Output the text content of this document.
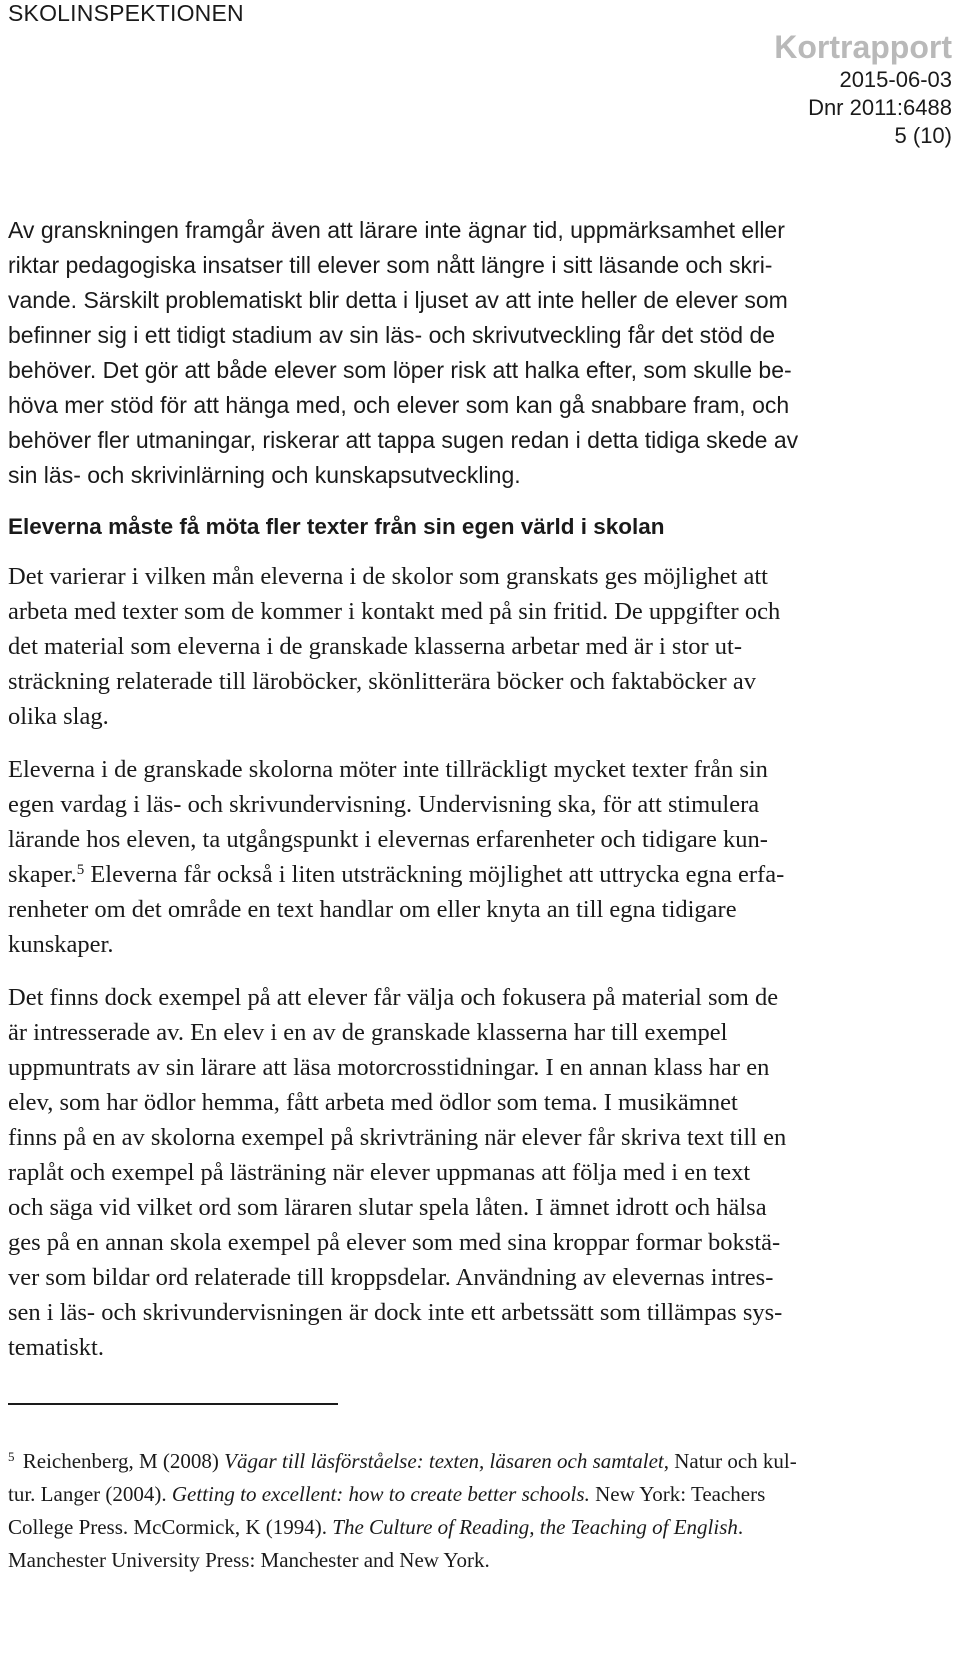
SKOLINSPEKTIONEN
Kortrapport
2015-06-03
Dnr 2011:6488
5 (10)

Av granskningen framgår även att lärare inte ägnar tid, uppmärksamhet eller
riktar pedagogiska insatser till elever som nått längre i sitt läsande och skri-
vande. Särskilt problematiskt blir detta i ljuset av att inte heller de elever som
befinner sig i ett tidigt stadium av sin läs- och skrivutveckling får det stöd de
behöver. Det gör att både elever som löper risk att halka efter, som skulle be-
höva mer stöd för att hänga med, och elever som kan gå snabbare fram, och
behöver fler utmaningar, riskerar att tappa sugen redan i detta tidiga skede av
sin läs- och skrivinlärning och kunskapsutveckling.

Eleverna måste få möta fler texter från sin egen värld i skolan

Det varierar i vilken mån eleverna i de skolor som granskats ges möjlighet att
arbeta med texter som de kommer i kontakt med på sin fritid. De uppgifter och
det material som eleverna i de granskade klasserna arbetar med är i stor ut-
sträckning relaterade till läroböcker, skönlitterära böcker och faktaböcker av
olika slag.

Eleverna i de granskade skolorna möter inte tillräckligt mycket texter från sin
egen vardag i läs- och skrivundervisning. Undervisning ska, för att stimulera
lärande hos eleven, ta utgångspunkt i elevernas erfarenheter och tidigare kun-
skaper.$^5$ Eleverna får också i liten utsträckning möjlighet att uttrycka egna erfa-
renheter om det område en text handlar om eller knyta an till egna tidigare
kunskaper.

Det finns dock exempel på att elever får välja och fokusera på material som de
är intresserade av. En elev i en av de granskade klasserna har till exempel
uppmuntrats av sin lärare att läsa motorcrosstidningar. I en annan klass har en
elev, som har ödlor hemma, fått arbeta med ödlor som tema. I musikämnet
finns på en av skolorna exempel på skrivträning när elever får skriva text till en
raplåt och exempel på lästräning när elever uppmanas att följa med i en text
och säga vid vilket ord som läraren slutar spela låten. I ämnet idrott och hälsa
ges på en annan skola exempel på elever som med sina kroppar formar bokstä-
ver som bildar ord relaterade till kroppsdelar. Användning av elevernas intres-
sen i läs- och skrivundervisningen är dock inte ett arbetssätt som tillämpas sys-
tematiskt.

$^5$ Reichenberg, M (2008) Vägar till läsförståelse: texten, läsaren och samtalet, Natur och kul-
tur. Langer (2004). Getting to excellent: how to create better schools. New York: Teachers
College Press. McCormick, K (1994). The Culture of Reading, the Teaching of English.
Manchester University Press: Manchester and New York.
